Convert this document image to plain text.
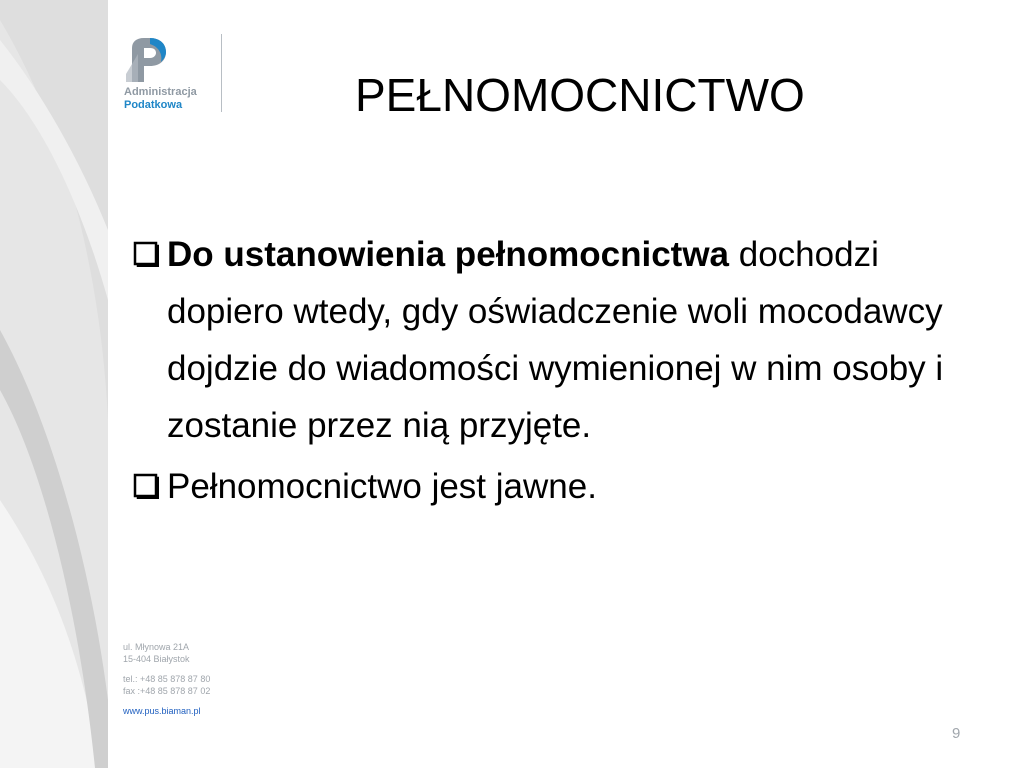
Administracja
Podatkowa	PEŁNOMOCNICTWO
Do ustanowienia pełnomocnictwa dochodzi dopiero wtedy, gdy oświadczenie woli mocodawcy dojdzie do wiadomości wymienionej w nim osoby i zostanie przez nią przyjęte.
Pełnomocnictwo jest jawne.
ul. Młynowa 21A
15-404 Białystok
tel.: +48 85 878 87 80
fax :+48 85 878 87 02
www.pus.biaman.pl
9
